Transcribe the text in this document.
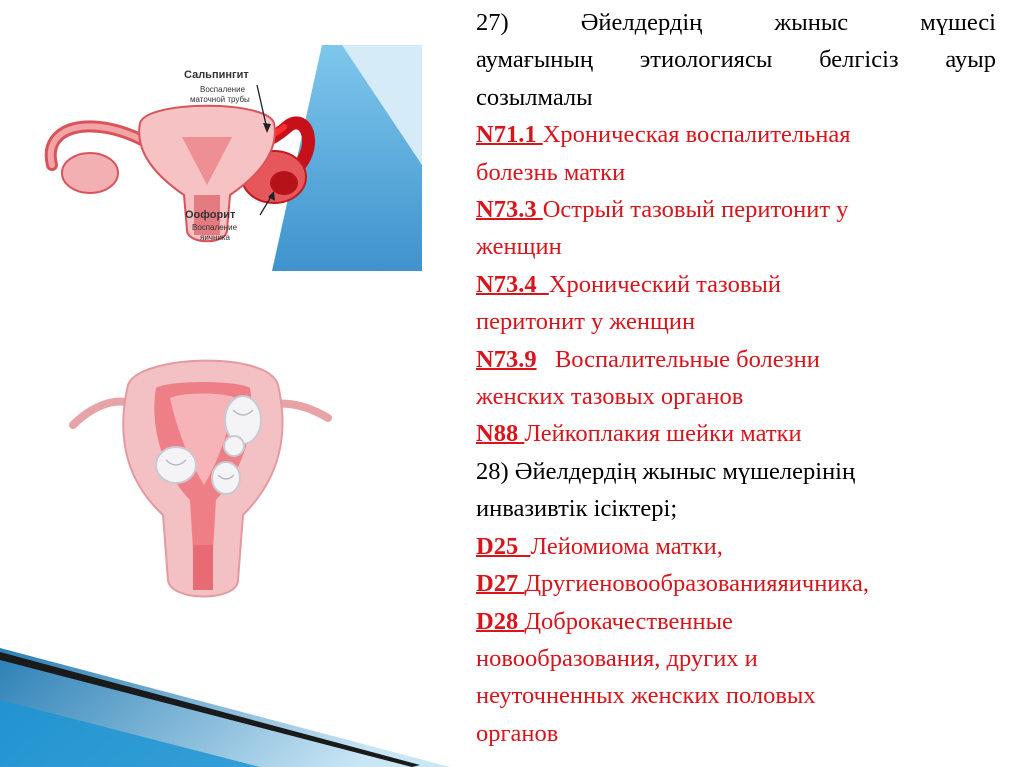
Сальпингит
Воспаление
маточной трубы
Оофорит
Воспаление
яичника

27) Әйелдердің жыныс мүшесі

аумағының этиологиясы белгісіз ауыр

созылмалы

N71.1 Хроническая воспалительная

болезнь матки

N73.3 Острый тазовый перитонит у

женщин

N73.4  Хронический тазовый

перитонит у женщин

N73.9   Воспалительные болезни

женских тазовых органов

N88 Лейкоплакия шейки матки

28) Әйелдердің жыныс мүшелерінің

инвазивтік ісіктері;

D25  Лейомиома матки,

D27 Другиеновообразованияяичника,

D28 Доброкачественные

новообразования, других и

неуточненных женских половых

органов
